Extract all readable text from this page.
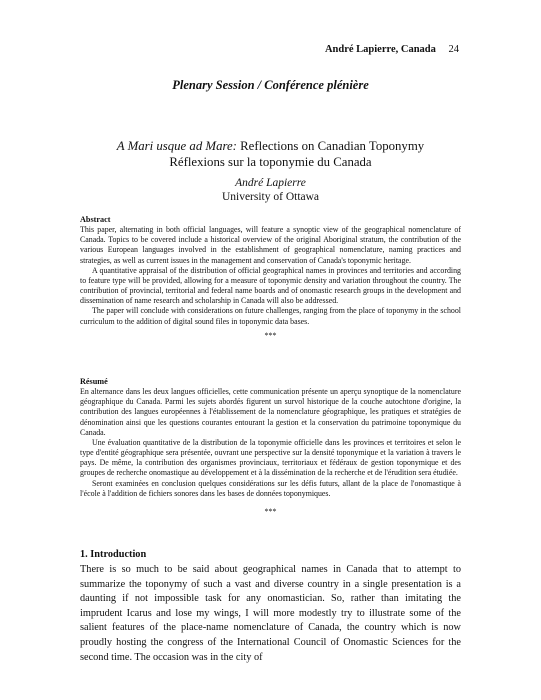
André Lapierre, Canada 24
Plenary Session / Conférence plénière
A Mari usque ad Mare: Reflections on Canadian Toponymy
Réflexions sur la toponymie du Canada
André Lapierre
University of Ottawa
Abstract

This paper, alternating in both official languages, will feature a synoptic view of the geographical nomenclature of Canada. Topics to be covered include a historical overview of the original Aboriginal stratum, the contribution of the various European languages involved in the establishment of geographical nomenclature, naming practices and strategies, as well as current issues in the management and conservation of Canada's toponymic heritage.

A quantitative appraisal of the distribution of official geographical names in provinces and territories and according to feature type will be provided, allowing for a measure of toponymic density and variation throughout the country. The contribution of provincial, territorial and federal name boards and of onomastic research groups in the development and dissemination of name research and scholarship in Canada will also be addressed.

The paper will conclude with considerations on future challenges, ranging from the place of toponymy in the school curriculum to the addition of digital sound files in toponymic data bases.

***
Résumé

En alternance dans les deux langues officielles, cette communication présente un aperçu synoptique de la nomenclature géographique du Canada. Parmi les sujets abordés figurent un survol historique de la couche autochtone d'origine, la contribution des langues européennes à l'établissement de la nomenclature géographique, les pratiques et stratégies de dénomination ainsi que les questions courantes entourant la gestion et la conservation du patrimoine toponymique du Canada.

Une évaluation quantitative de la distribution de la toponymie officielle dans les provinces et territoires et selon le type d'entité géographique sera présentée, ouvrant une perspective sur la densité toponymique et la variation à travers le pays. De même, la contribution des organismes provinciaux, territoriaux et fédéraux de gestion toponymique et des groupes de recherche onomastique au développement et à la dissémination de la recherche et de l'érudition sera étudiée.

Seront examinées en conclusion quelques considérations sur les défis futurs, allant de la place de l'onomastique à l'école à l'addition de fichiers sonores dans les bases de données toponymiques.

***
1. Introduction

There is so much to be said about geographical names in Canada that to attempt to summarize the toponymy of such a vast and diverse country in a single presentation is a daunting if not impossible task for any onomastician. So, rather than imitating the imprudent Icarus and lose my wings, I will more modestly try to illustrate some of the salient features of the place-name nomenclature of Canada, the country which is now proudly hosting the congress of the International Council of Onomastic Sciences for the second time. The occasion was in the city of
